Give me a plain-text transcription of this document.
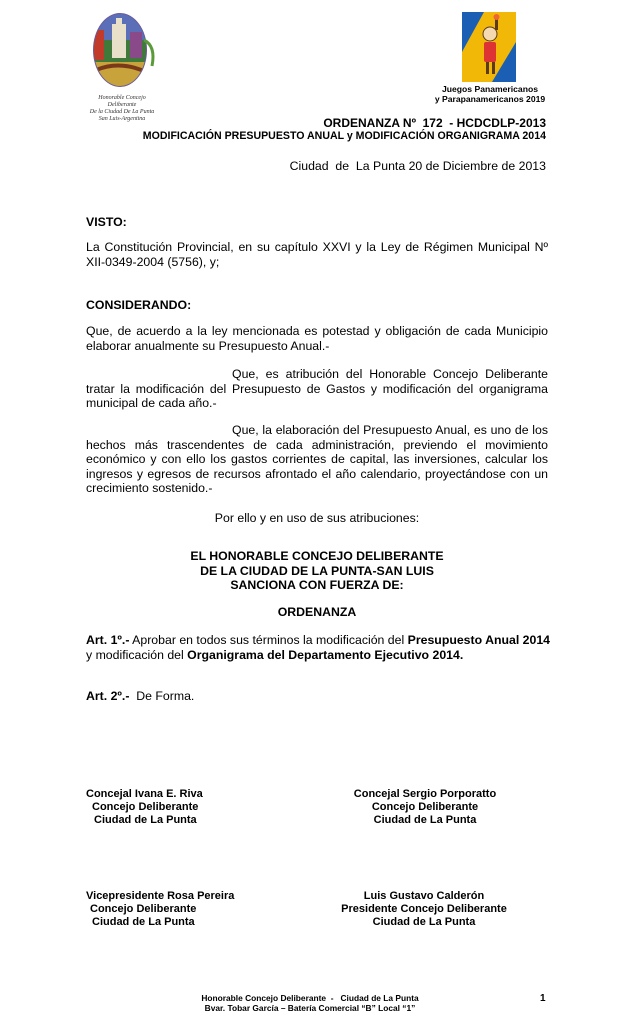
Honorable Concejo Deliberante
De la Ciudad De La Punta
San Luis-Argentina
Juegos Panamericanos
y Parapanamericanos 2019
ORDENANZA Nº  172  - HCDCDLP-2013
MODIFICACIÓN PRESUPUESTO ANUAL y MODIFICACIÓN ORGANIGRAMA 2014
Ciudad  de  La Punta 20 de Diciembre de 2013
VISTO:
La Constitución Provincial, en su capítulo XXVI y la Ley de Régimen Municipal Nº XII-0349-2004 (5756), y;
CONSIDERANDO:
Que, de acuerdo a la ley mencionada es potestad y obligación de cada Municipio elaborar anualmente su Presupuesto Anual.-
Que, es atribución del Honorable Concejo Deliberante tratar la modificación del Presupuesto de Gastos y modificación del organigrama municipal de cada año.-
Que, la elaboración del Presupuesto Anual, es uno de los hechos más trascendentes de cada administración, previendo el movimiento económico y con ello los gastos corrientes de capital, las inversiones, calcular los ingresos y egresos de recursos afrontado el año calendario, proyectándose con un crecimiento sostenido.-
Por ello y en uso de sus atribuciones:
EL HONORABLE CONCEJO DELIBERANTE
DE LA CIUDAD DE LA PUNTA-SAN LUIS
SANCIONA CON FUERZA DE:
ORDENANZA
Art. 1º.- Aprobar en todos sus términos la modificación del Presupuesto Anual 2014 y modificación del Organigrama del Departamento Ejecutivo 2014.
Art. 2º.-  De Forma.
Concejal Ivana E. Riva
Concejo Deliberante
Ciudad de La Punta
Concejal Sergio Porporatto
Concejo Deliberante
Ciudad de La Punta
Vicepresidente Rosa Pereira
Concejo Deliberante
Ciudad de La Punta
Luis Gustavo Calderón
Presidente Concejo Deliberante
Ciudad de La Punta
Honorable Concejo Deliberante  -   Ciudad de La Punta
Bvar. Tobar García – Batería Comercial “B” Local “1”
1
